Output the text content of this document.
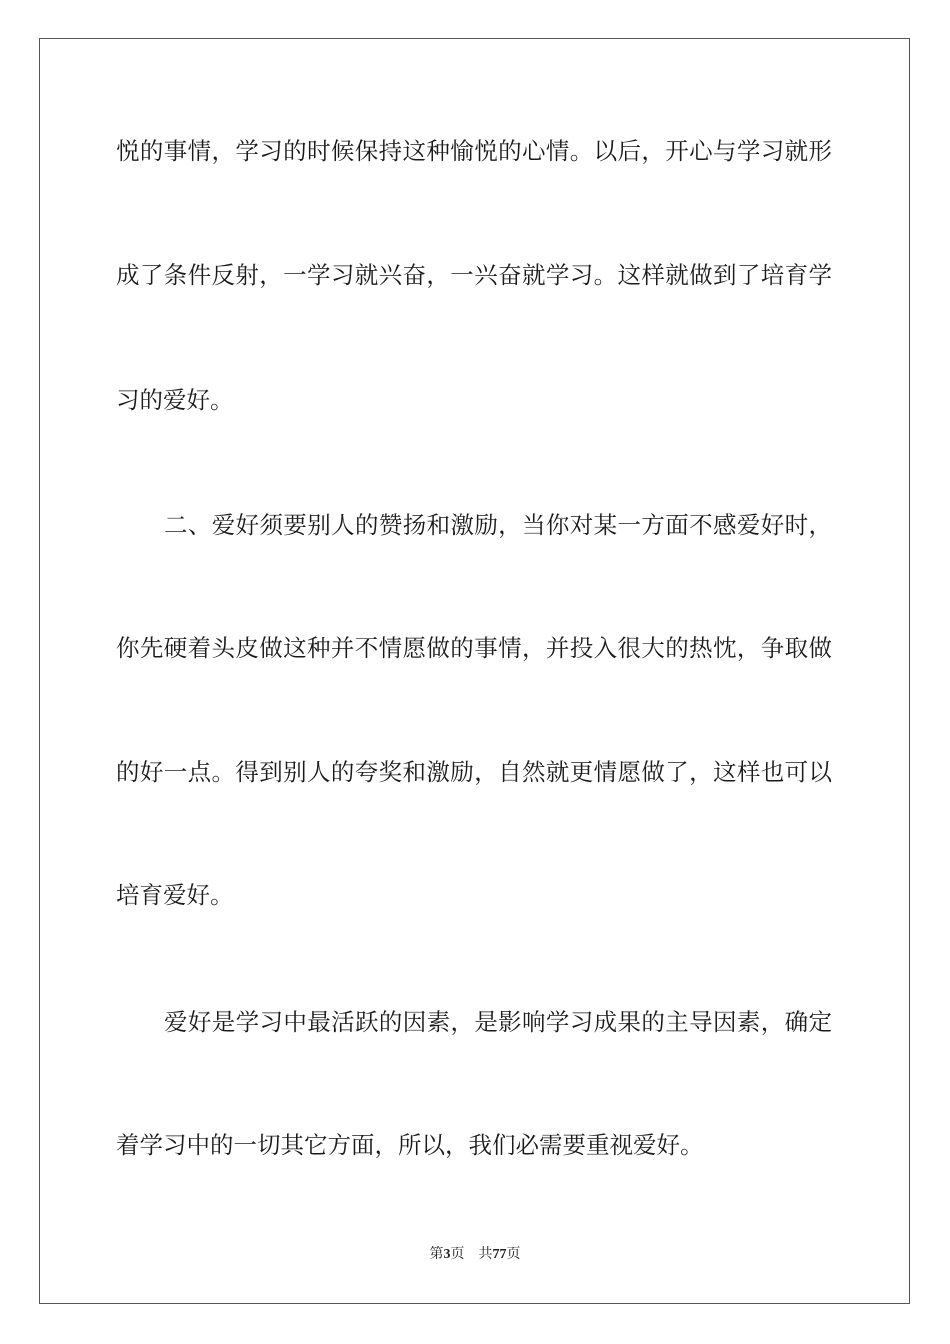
悦的事情，学习的时候保持这种愉悦的心情。以后，开心与学习就形
成了条件反射，一学习就兴奋，一兴奋就学习。这样就做到了培育学
习的爱好。
二、爱好须要别人的赞扬和激励，当你对某一方面不感爱好时，
你先硬着头皮做这种并不情愿做的事情，并投入很大的热忱，争取做
的好一点。得到别人的夸奖和激励，自然就更情愿做了，这样也可以
培育爱好。
爱好是学习中最活跃的因素，是影响学习成果的主导因素，确定
着学习中的一切其它方面，所以，我们必需要重视爱好。
第3页 共77页
